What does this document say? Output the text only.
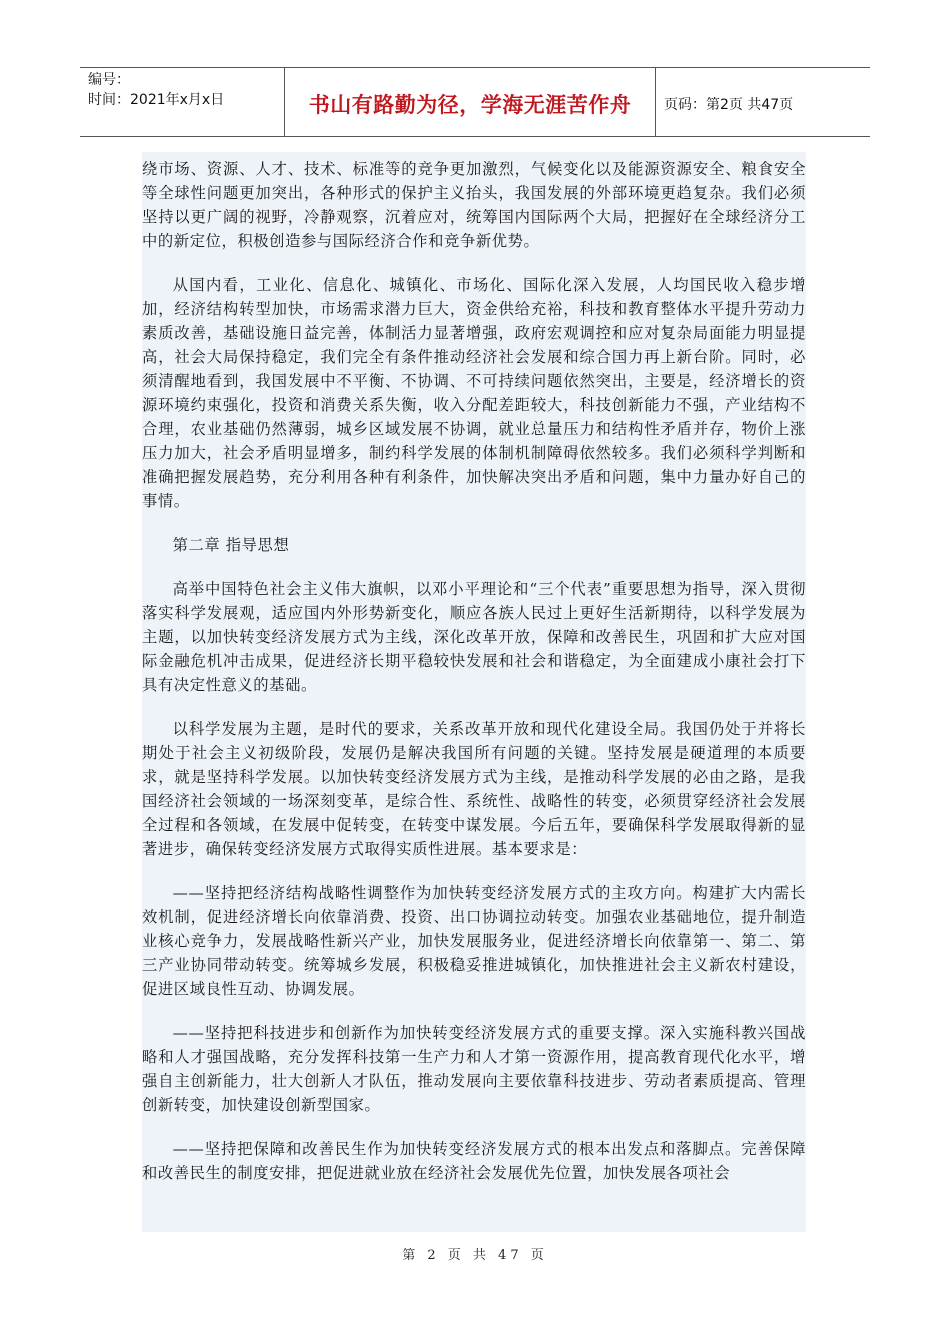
编号：
时间：2021年x月x日	书山有路勤为径，学海无涯苦作舟	页码：第2页 共47页

绕市场、资源、人才、技术、标准等的竞争更加激烈，气候变化以及能源资源安全、粮食安全等全球性问题更加突出，各种形式的保护主义抬头，我国发展的外部环境更趋复杂。我们必须坚持以更广阔的视野，冷静观察，沉着应对，统筹国内国际两个大局，把握好在全球经济分工中的新定位，积极创造参与国际经济合作和竞争新优势。

从国内看，工业化、信息化、城镇化、市场化、国际化深入发展，人均国民收入稳步增加，经济结构转型加快，市场需求潜力巨大，资金供给充裕，科技和教育整体水平提升劳动力素质改善，基础设施日益完善，体制活力显著增强，政府宏观调控和应对复杂局面能力明显提高，社会大局保持稳定，我们完全有条件推动经济社会发展和综合国力再上新台阶。同时，必须清醒地看到，我国发展中不平衡、不协调、不可持续问题依然突出，主要是，经济增长的资源环境约束强化，投资和消费关系失衡，收入分配差距较大，科技创新能力不强，产业结构不合理，农业基础仍然薄弱，城乡区域发展不协调，就业总量压力和结构性矛盾并存，物价上涨压力加大，社会矛盾明显增多，制约科学发展的体制机制障碍依然较多。我们必须科学判断和准确把握发展趋势，充分利用各种有利条件，加快解决突出矛盾和问题，集中力量办好自己的事情。

第二章 指导思想

高举中国特色社会主义伟大旗帜，以邓小平理论和“三个代表”重要思想为指导，深入贯彻落实科学发展观，适应国内外形势新变化，顺应各族人民过上更好生活新期待，以科学发展为主题，以加快转变经济发展方式为主线，深化改革开放，保障和改善民生，巩固和扩大应对国际金融危机冲击成果，促进经济长期平稳较快发展和社会和谐稳定，为全面建成小康社会打下具有决定性意义的基础。

以科学发展为主题，是时代的要求，关系改革开放和现代化建设全局。我国仍处于并将长期处于社会主义初级阶段，发展仍是解决我国所有问题的关键。坚持发展是硬道理的本质要求，就是坚持科学发展。以加快转变经济发展方式为主线，是推动科学发展的必由之路，是我国经济社会领域的一场深刻变革，是综合性、系统性、战略性的转变，必须贯穿经济社会发展全过程和各领域，在发展中促转变，在转变中谋发展。今后五年，要确保科学发展取得新的显著进步，确保转变经济发展方式取得实质性进展。基本要求是：

——坚持把经济结构战略性调整作为加快转变经济发展方式的主攻方向。构建扩大内需长效机制，促进经济增长向依靠消费、投资、出口协调拉动转变。加强农业基础地位，提升制造业核心竞争力，发展战略性新兴产业，加快发展服务业，促进经济增长向依靠第一、第二、第三产业协同带动转变。统筹城乡发展，积极稳妥推进城镇化，加快推进社会主义新农村建设，促进区域良性互动、协调发展。

——坚持把科技进步和创新作为加快转变经济发展方式的重要支撑。深入实施科教兴国战略和人才强国战略，充分发挥科技第一生产力和人才第一资源作用，提高教育现代化水平，增强自主创新能力，壮大创新人才队伍，推动发展向主要依靠科技进步、劳动者素质提高、管理创新转变，加快建设创新型国家。

——坚持把保障和改善民生作为加快转变经济发展方式的根本出发点和落脚点。完善保障和改善民生的制度安排，把促进就业放在经济社会发展优先位置，加快发展各项社会

第 2 页 共 47 页
